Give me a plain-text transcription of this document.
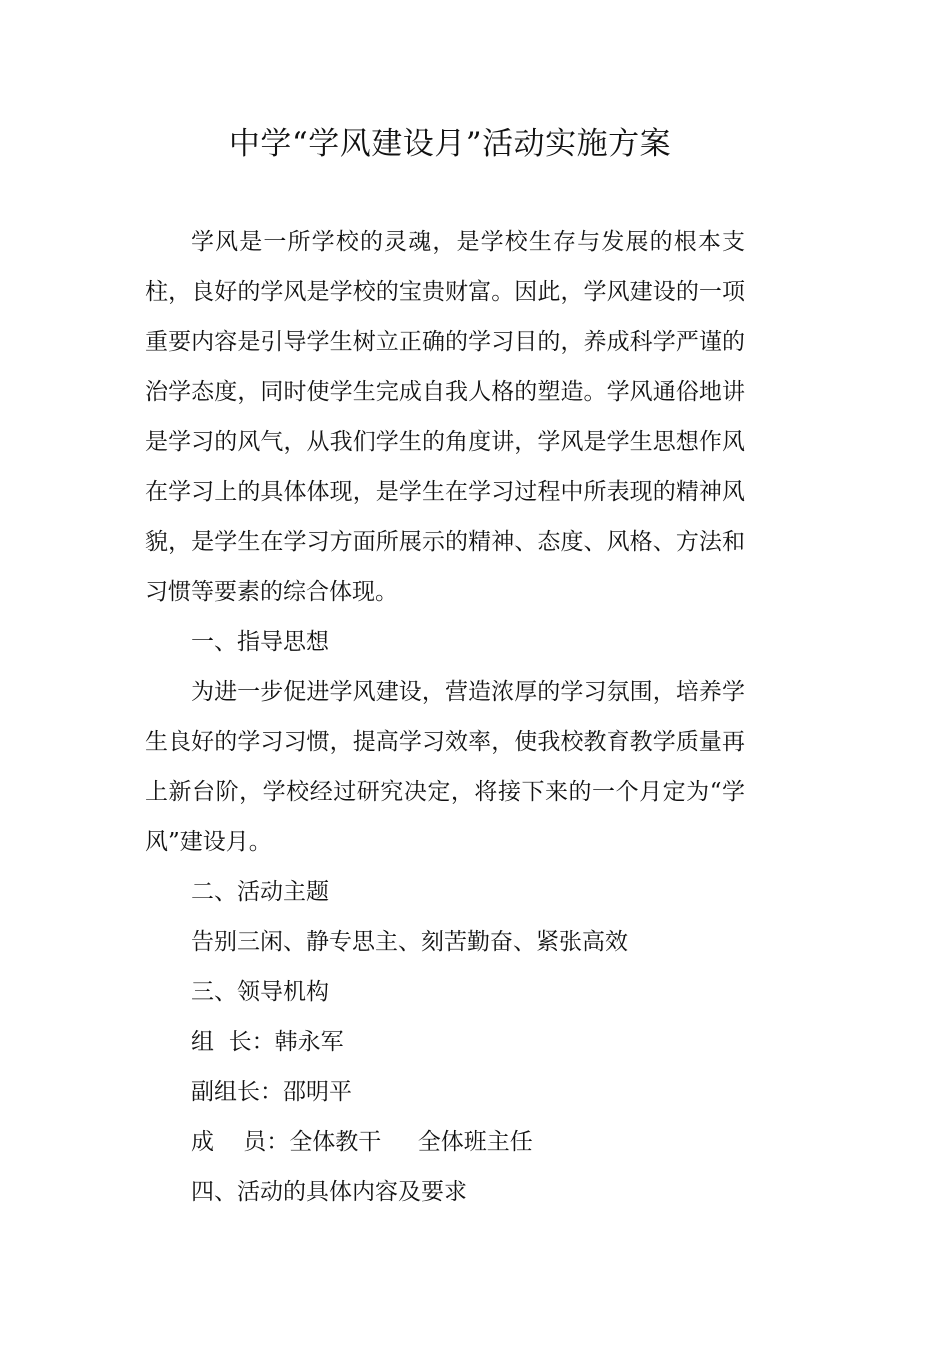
中学“学风建设月”活动实施方案

学风是一所学校的灵魂，是学校生存与发展的根本支柱，良好的学风是学校的宝贵财富。因此，学风建设的一项重要内容是引导学生树立正确的学习目的，养成科学严谨的治学态度，同时使学生完成自我人格的塑造。学风通俗地讲是学习的风气，从我们学生的角度讲，学风是学生思想作风在学习上的具体体现，是学生在学习过程中所表现的精神风貌，是学生在学习方面所展示的精神、态度、风格、方法和习惯等要素的综合体现。

一、指导思想

为进一步促进学风建设，营造浓厚的学习氛围，培养学生良好的学习习惯，提高学习效率，使我校教育教学质量再上新台阶，学校经过研究决定，将接下来的一个月定为“学风”建设月。

二、活动主题

告别三闲、静专思主、刻苦勤奋、紧张高效

三、领导机构

组  长：韩永军

副组长：邵明平

成    员：全体教干     全体班主任

四、活动的具体内容及要求
